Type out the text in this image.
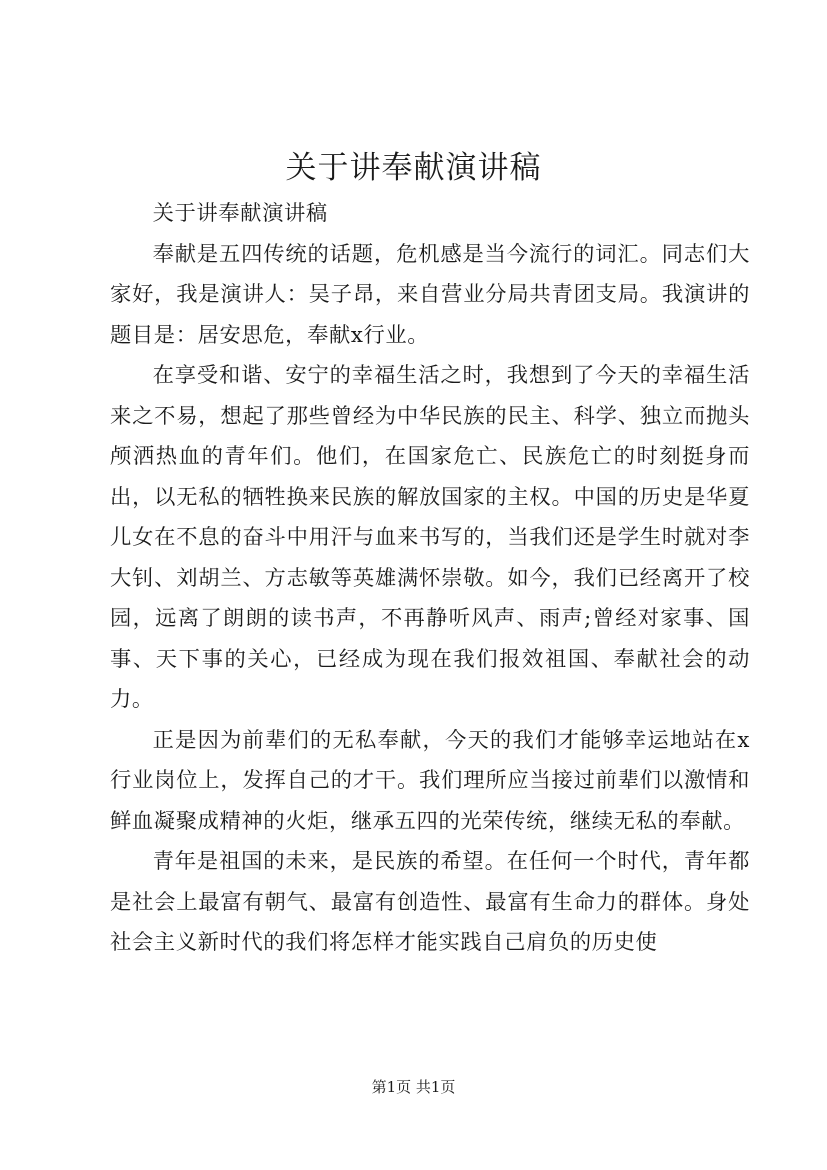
关于讲奉献演讲稿

关于讲奉献演讲稿

奉献是五四传统的话题，危机感是当今流行的词汇。同志们大家好，我是演讲人：吴子昂，来自营业分局共青团支局。我演讲的题目是：居安思危，奉献x行业。

在享受和谐、安宁的幸福生活之时，我想到了今天的幸福生活来之不易，想起了那些曾经为中华民族的民主、科学、独立而抛头颅洒热血的青年们。他们，在国家危亡、民族危亡的时刻挺身而出，以无私的牺牲换来民族的解放国家的主权。中国的历史是华夏儿女在不息的奋斗中用汗与血来书写的，当我们还是学生时就对李大钊、刘胡兰、方志敏等英雄满怀崇敬。如今，我们已经离开了校园，远离了朗朗的读书声，不再静听风声、雨声;曾经对家事、国事、天下事的关心，已经成为现在我们报效祖国、奉献社会的动力。

正是因为前辈们的无私奉献，今天的我们才能够幸运地站在x行业岗位上，发挥自己的才干。我们理所应当接过前辈们以激情和鲜血凝聚成精神的火炬，继承五四的光荣传统，继续无私的奉献。

青年是祖国的未来，是民族的希望。在任何一个时代，青年都是社会上最富有朝气、最富有创造性、最富有生命力的群体。身处社会主义新时代的我们将怎样才能实践自己肩负的历史使

第1页 共1页
